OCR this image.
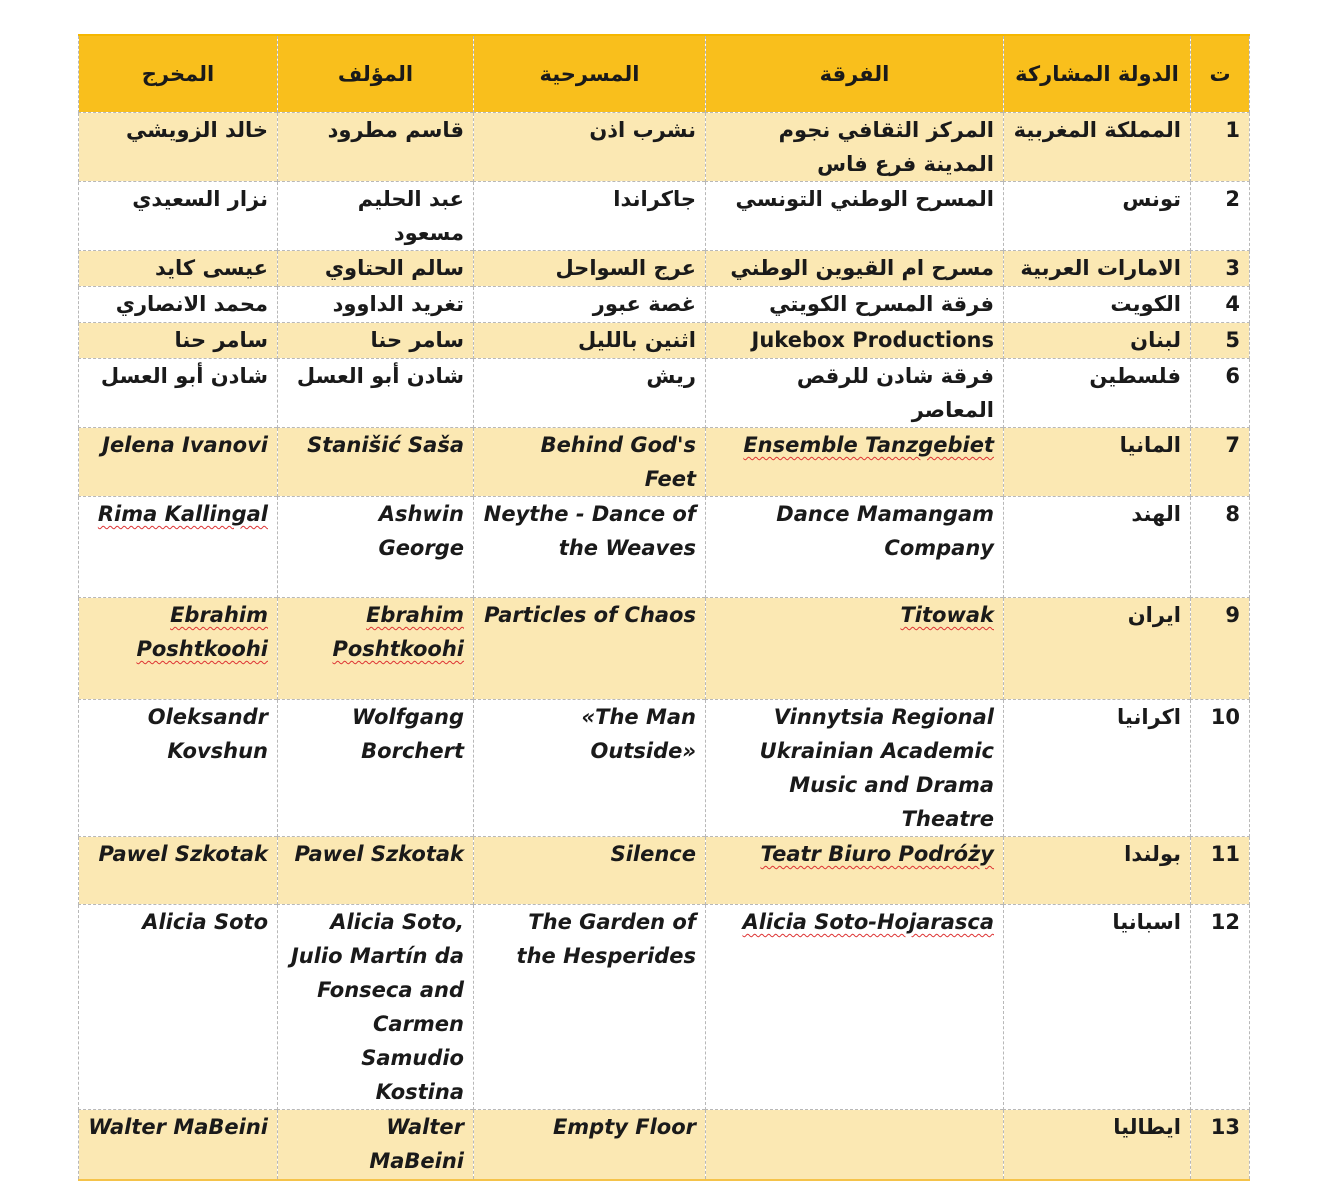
ت	الدولة المشاركة	الفرقة	المسرحية	المؤلف	المخرج
1	المملكة المغربية	المركز الثقافي نجوم المدينة فرع فاس	نشرب اذن	قاسم مطرود	خالد الزويشي
2	تونس	المسرح الوطني التونسي	جاكراندا	عبد الحليم مسعود	نزار السعيدي
3	الامارات العربية	مسرح ام القيوين الوطني	عرج السواحل	سالم الحتاوي	عيسى كايد
4	الكويت	فرقة المسرح الكويتي	غصة عبور	تغريد الداوود	محمد الانصاري
5	لبنان	Jukebox Productions	اثنين بالليل	سامر حنا	سامر حنا
6	فلسطين	فرقة شادن للرقص المعاصر	ريش	شادن أبو العسل	شادن أبو العسل
7	المانيا	Ensemble Tanzgebiet	Behind God's Feet	Stanišić Saša	Jelena Ivanovi
8	الهند	Dance Mamangam Company	Neythe - Dance of the Weaves	Ashwin George	Rima Kallingal
9	ايران	Titowak	Particles of Chaos	Ebrahim Poshtkoohi	Ebrahim Poshtkoohi
10	اكرانيا	Vinnytsia Regional Ukrainian Academic Music and Drama Theatre	«The Man Outside»	Wolfgang Borchert	Oleksandr Kovshun
11	بولندا	Teatr Biuro Podróży	Silence	Pawel Szkotak	Pawel Szkotak
12	اسبانيا	Alicia Soto-Hojarasca	The Garden of the Hesperides	Alicia Soto, Julio Martín da Fonseca and Carmen Samudio Kostina	Alicia Soto
13	ايطاليا		Empty Floor	Walter MaBeini	Walter MaBeini
